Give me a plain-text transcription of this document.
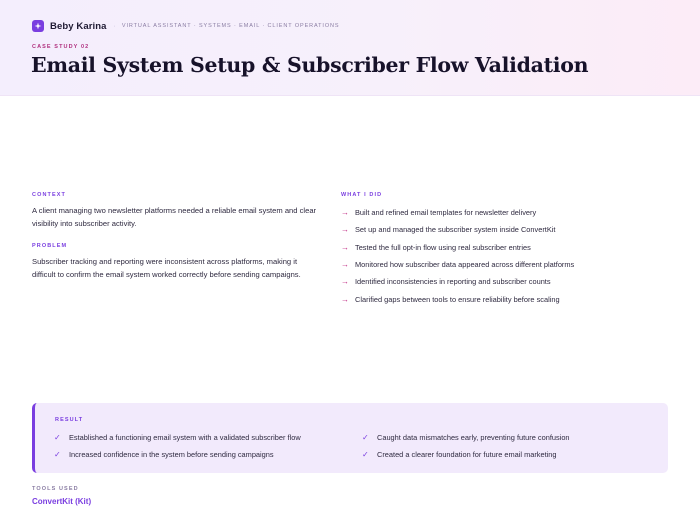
Beby Karina · VIRTUAL ASSISTANT · SYSTEMS · EMAIL · CLIENT OPERATIONS
CASE STUDY 02
Email System Setup & Subscriber Flow Validation
CONTEXT

A client managing two newsletter platforms needed a reliable email system and clear visibility into subscriber activity.

PROBLEM

Subscriber tracking and reporting were inconsistent across platforms, making it difficult to confirm the email system worked correctly before sending campaigns.

WHAT I DID
→ Built and refined email templates for newsletter delivery
→ Set up and managed the subscriber system inside ConvertKit
→ Tested the full opt-in flow using real subscriber entries
→ Monitored how subscriber data appeared across different platforms
→ Identified inconsistencies in reporting and subscriber counts
→ Clarified gaps between tools to ensure reliability before scaling
RESULT
✓	Established a functioning email system with a validated subscriber flow	✓	Caught data mismatches early, preventing future confusion
✓	Increased confidence in the system before sending campaigns	✓	Created a clearer foundation for future email marketing
TOOLS USED
ConvertKit (Kit)
